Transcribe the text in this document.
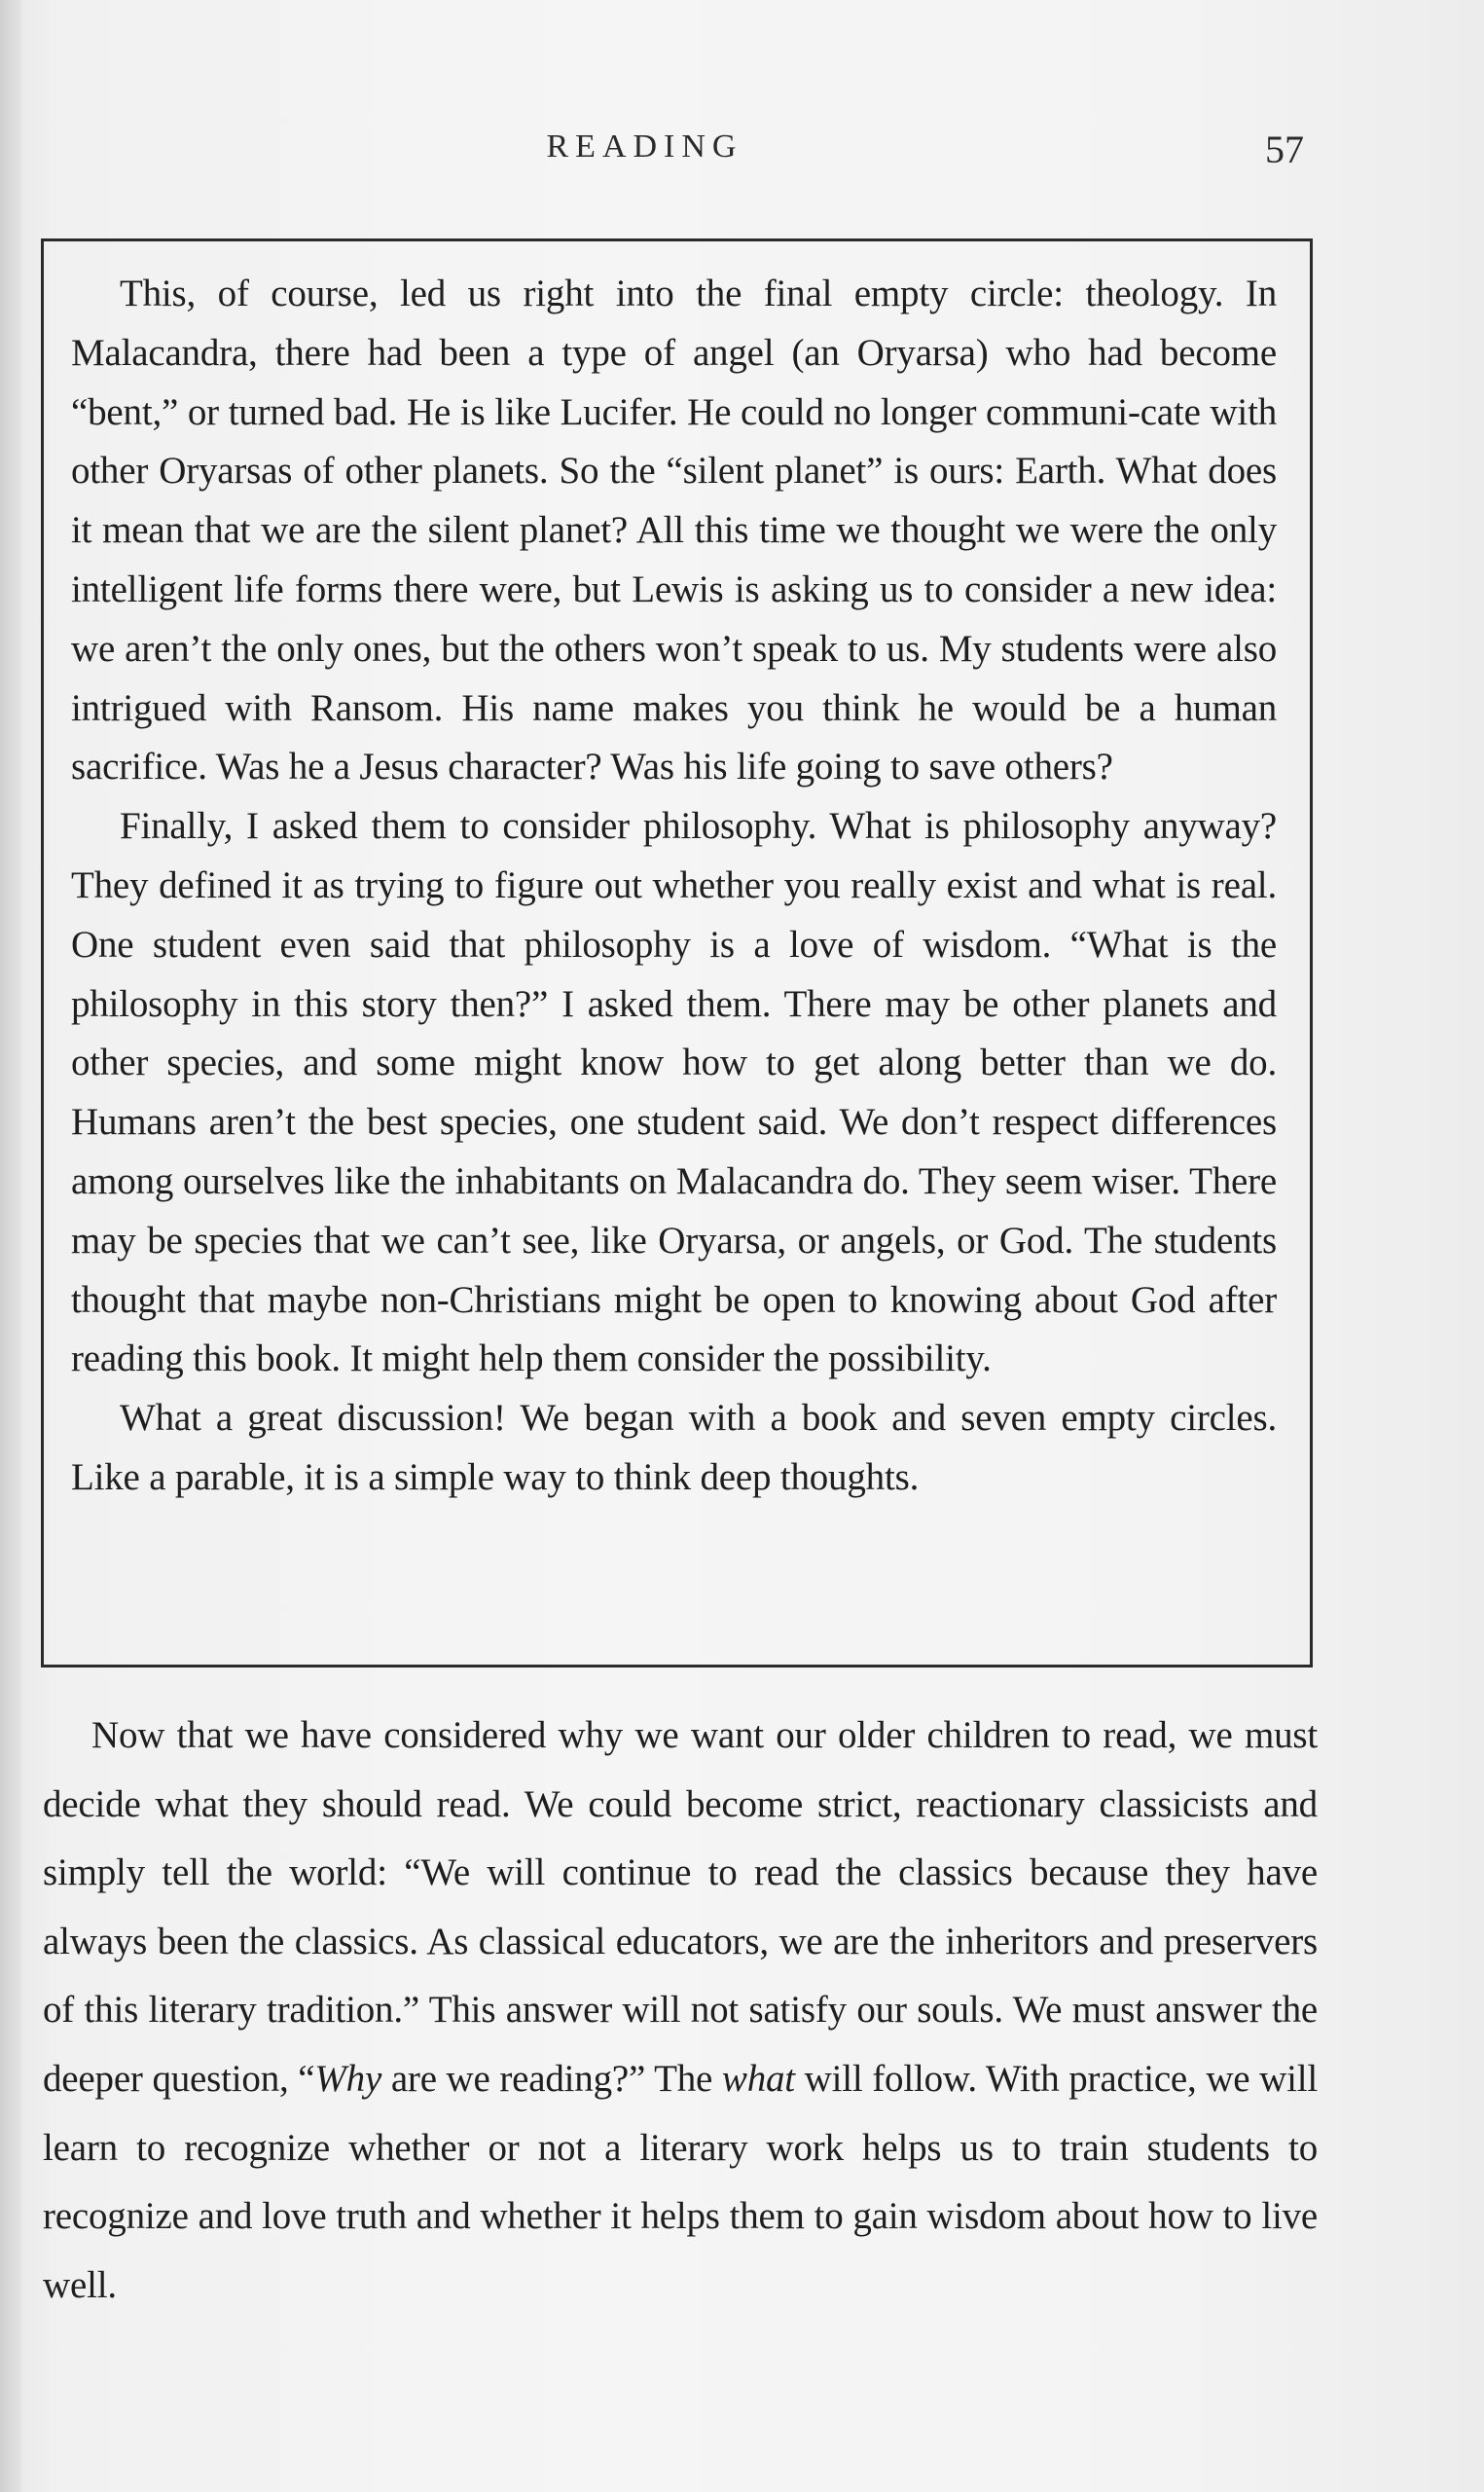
READING	57

This, of course, led us right into the final empty circle: theology. In Malacandra, there had been a type of angel (an Oryarsa) who had become “bent,” or turned bad. He is like Lucifer. He could no longer communi-cate with other Oryarsas of other planets. So the “silent planet” is ours: Earth. What does it mean that we are the silent planet? All this time we thought we were the only intelligent life forms there were, but Lewis is asking us to consider a new idea: we aren’t the only ones, but the others won’t speak to us. My students were also intrigued with Ransom. His name makes you think he would be a human sacrifice. Was he a Jesus character? Was his life going to save others?

Finally, I asked them to consider philosophy. What is philosophy anyway? They defined it as trying to figure out whether you really exist and what is real. One student even said that philosophy is a love of wisdom. “What is the philosophy in this story then?” I asked them. There may be other planets and other species, and some might know how to get along better than we do. Humans aren’t the best species, one student said. We don’t respect differences among ourselves like the inhabitants on Malacandra do. They seem wiser. There may be species that we can’t see, like Oryarsa, or angels, or God. The students thought that maybe non-Christians might be open to knowing about God after reading this book. It might help them consider the possibility.

What a great discussion! We began with a book and seven empty circles. Like a parable, it is a simple way to think deep thoughts.

Now that we have considered why we want our older children to read, we must decide what they should read. We could become strict, reactionary classicists and simply tell the world: “We will continue to read the classics because they have always been the classics. As classical educators, we are the inheritors and preservers of this literary tradition.” This answer will not satisfy our souls. We must answer the deeper question, “Why are we reading?” The what will follow. With practice, we will learn to recognize whether or not a literary work helps us to train students to recognize and love truth and whether it helps them to gain wisdom about how to live well.
